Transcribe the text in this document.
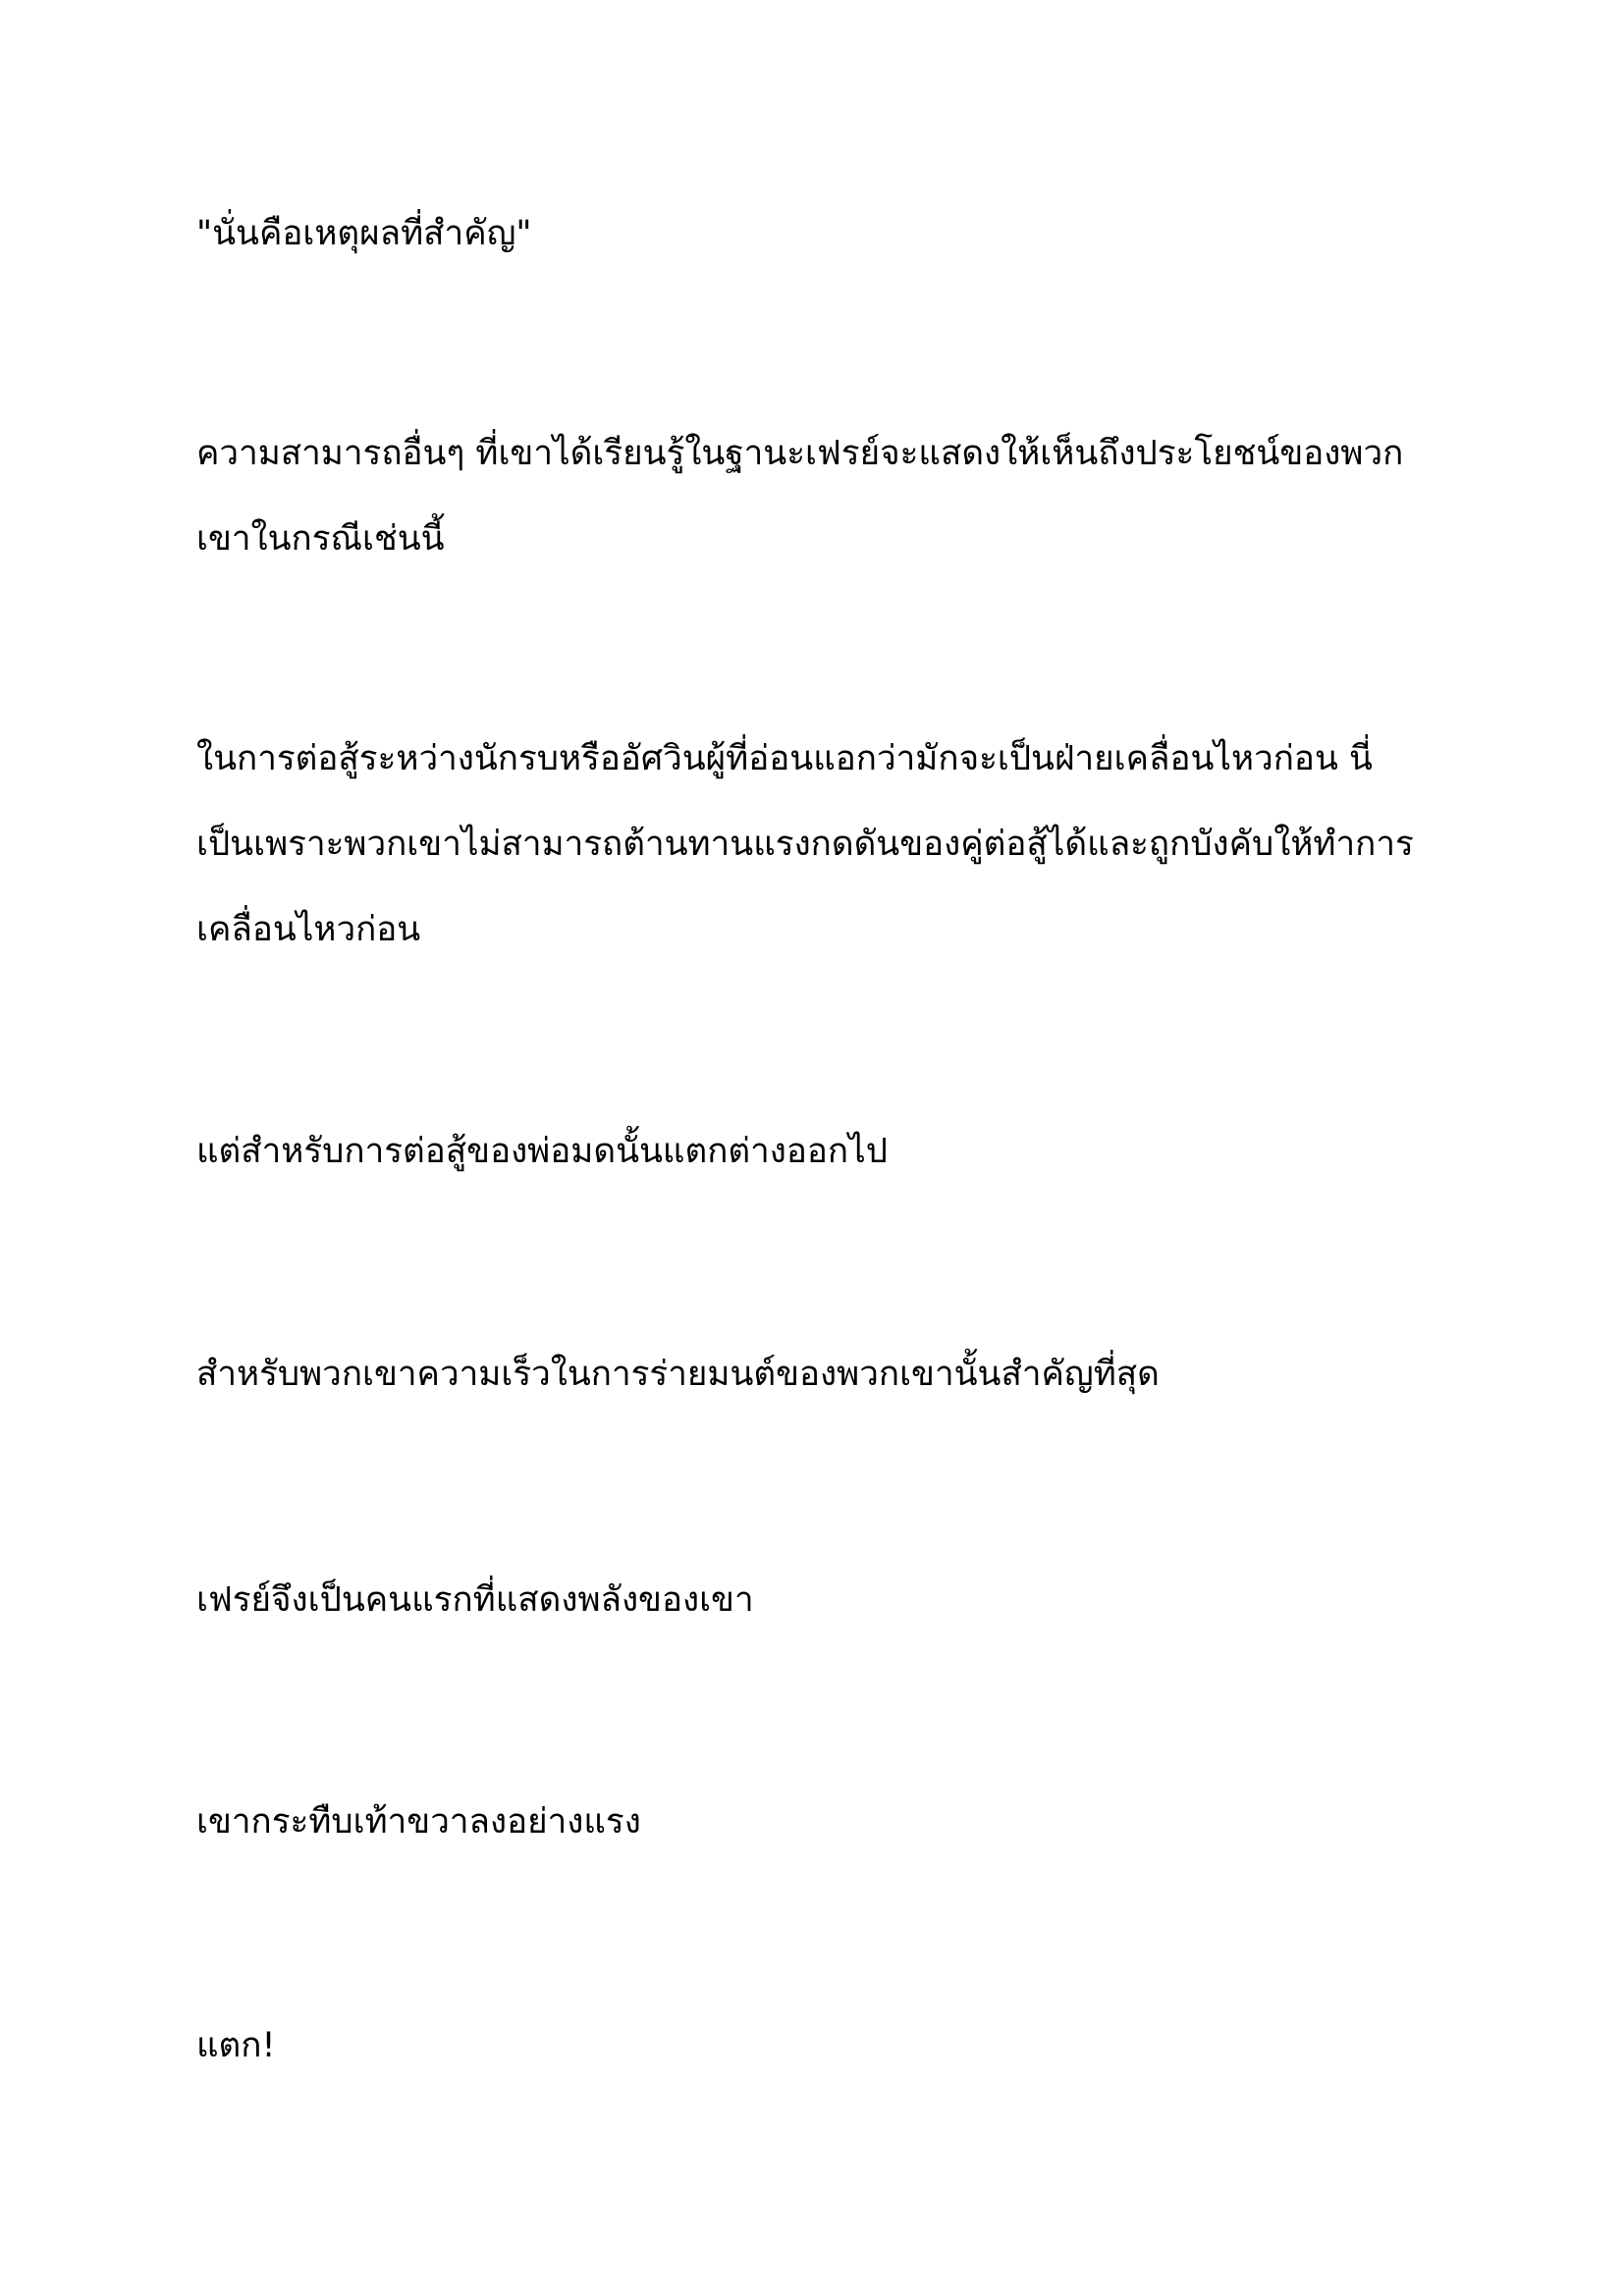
"นั่นคือเหตุผลที่สำคัญ"

ความสามารถอื่นๆ ที่เขาได้เรียนรู้ในฐานะเฟรย์จะแสดงให้เห็นถึงประโยชน์ของพวก
เขาในกรณีเช่นนี้

ในการต่อสู้ระหว่างนักรบหรืออัศวินผู้ที่อ่อนแอกว่ามักจะเป็นฝ่ายเคลื่อนไหวก่อน นี่
เป็นเพราะพวกเขาไม่สามารถต้านทานแรงกดดันของคู่ต่อสู้ได้และถูกบังคับให้ทำการ
เคลื่อนไหวก่อน

แต่สำหรับการต่อสู้ของพ่อมดนั้นแตกต่างออกไป

สำหรับพวกเขาความเร็วในการร่ายมนต์ของพวกเขานั้นสำคัญที่สุด

เฟรย์จึงเป็นคนแรกที่แสดงพลังของเขา

เขากระทืบเท้าขวาลงอย่างแรง

แตก!
